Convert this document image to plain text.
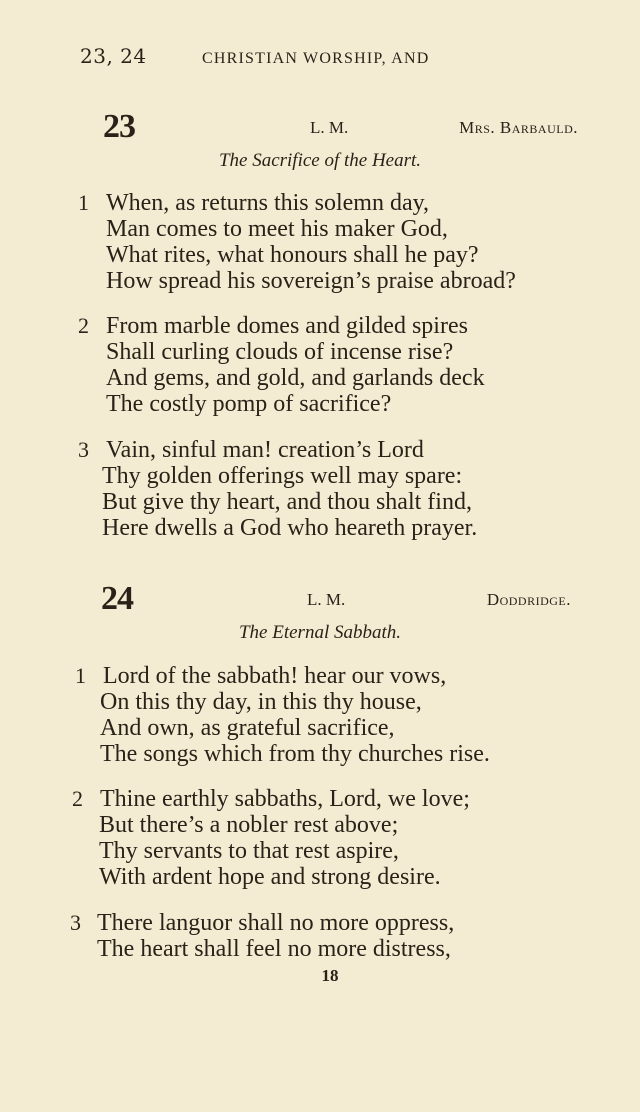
23, 24	CHRISTIAN WORSHIP, AND
23	L. M.	Mrs. Barbauld.
The Sacrifice of the Heart.
1 When, as returns this solemn day,
Man comes to meet his maker God,
What rites, what honours shall he pay?
How spread his sovereign’s praise abroad?
2 From marble domes and gilded spires
Shall curling clouds of incense rise?
And gems, and gold, and garlands deck
The costly pomp of sacrifice?
3 Vain, sinful man! creation’s Lord
Thy golden offerings well may spare:
But give thy heart, and thou shalt find,
Here dwells a God who heareth prayer.
24	L. M.	Doddridge.
The Eternal Sabbath.
1 Lord of the sabbath! hear our vows,
On this thy day, in this thy house,
And own, as grateful sacrifice,
The songs which from thy churches rise.
2 Thine earthly sabbaths, Lord, we love;
But there’s a nobler rest above;
Thy servants to that rest aspire,
With ardent hope and strong desire.
3 There languor shall no more oppress,
The heart shall feel no more distress,
18
